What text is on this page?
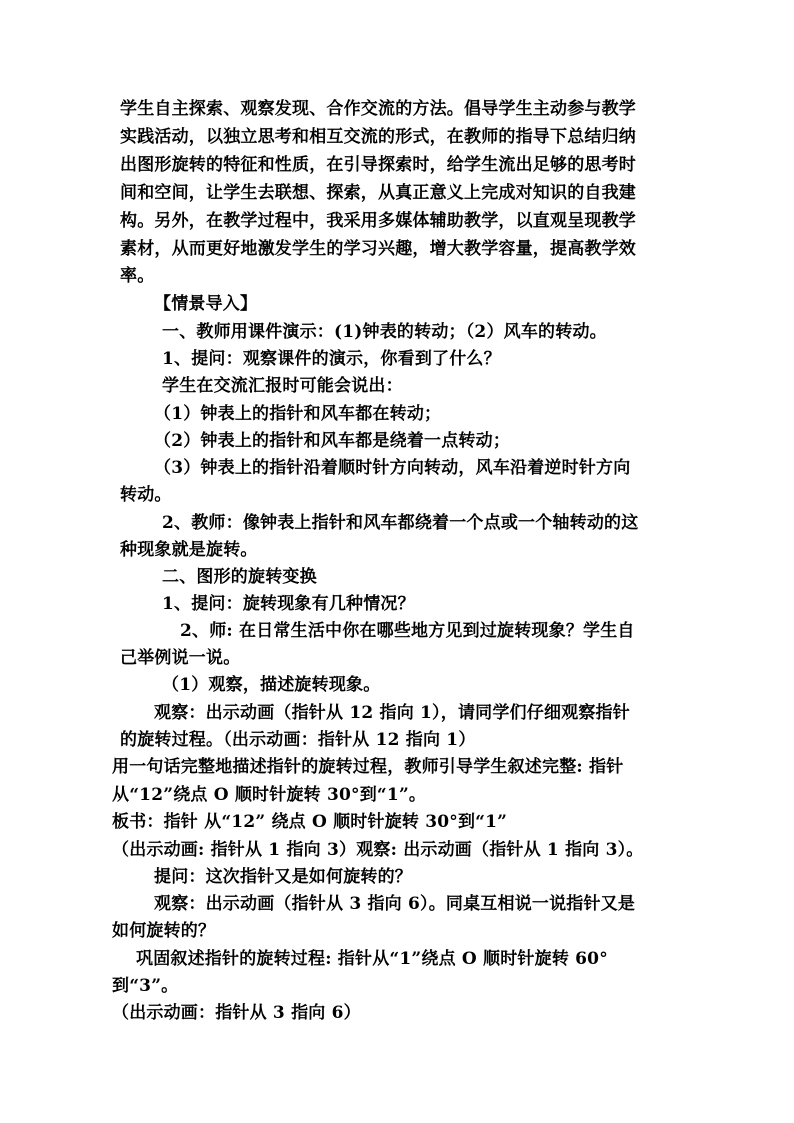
学生自主探索、观察发现、合作交流的方法。倡导学生主动参与教学
实践活动，以独立思考和相互交流的形式，在教师的指导下总结归纳
出图形旋转的特征和性质，在引导探索时，给学生流出足够的思考时
间和空间，让学生去联想、探索，从真正意义上完成对知识的自我建
构。另外，在教学过程中，我采用多媒体辅助教学，以直观呈现教学
素材，从而更好地激发学生的学习兴趣，增大教学容量，提高教学效
率。
【情景导入】
一、教师用课件演示：(1)钟表的转动；（2）风车的转动。
1、提问：观察课件的演示，你看到了什么？
学生在交流汇报时可能会说出：
（1）钟表上的指针和风车都在转动；
（2）钟表上的指针和风车都是绕着一点转动；
（3）钟表上的指针沿着顺时针方向转动，风车沿着逆时针方向
转动。
2、教师：像钟表上指针和风车都绕着一个点或一个轴转动的这
种现象就是旋转。
二、图形的旋转变换
1、提问：旋转现象有几种情况？
2、师: 在日常生活中你在哪些地方见到过旋转现象？学生自
己举例说一说。
（1）观察，描述旋转现象。
观察：出示动画（指针从 12 指向 1），请同学们仔细观察指针
的旋转过程。（出示动画：指针从 12 指向 1）
用一句话完整地描述指针的旋转过程，教师引导学生叙述完整: 指针
从“12”绕点 O 顺时针旋转 30°到“1”。
板书：指针 从“12” 绕点 O 顺时针旋转 30°到“1”
（出示动画: 指针从 1 指向 3）观察: 出示动画（指针从 1 指向 3）。
提问：这次指针又是如何旋转的？
观察：出示动画（指针从 3 指向 6）。同桌互相说一说指针又是
如何旋转的？
巩固叙述指针的旋转过程: 指针从“1”绕点 O 顺时针旋转 60°
到“3”。
（出示动画：指针从 3 指向 6）
